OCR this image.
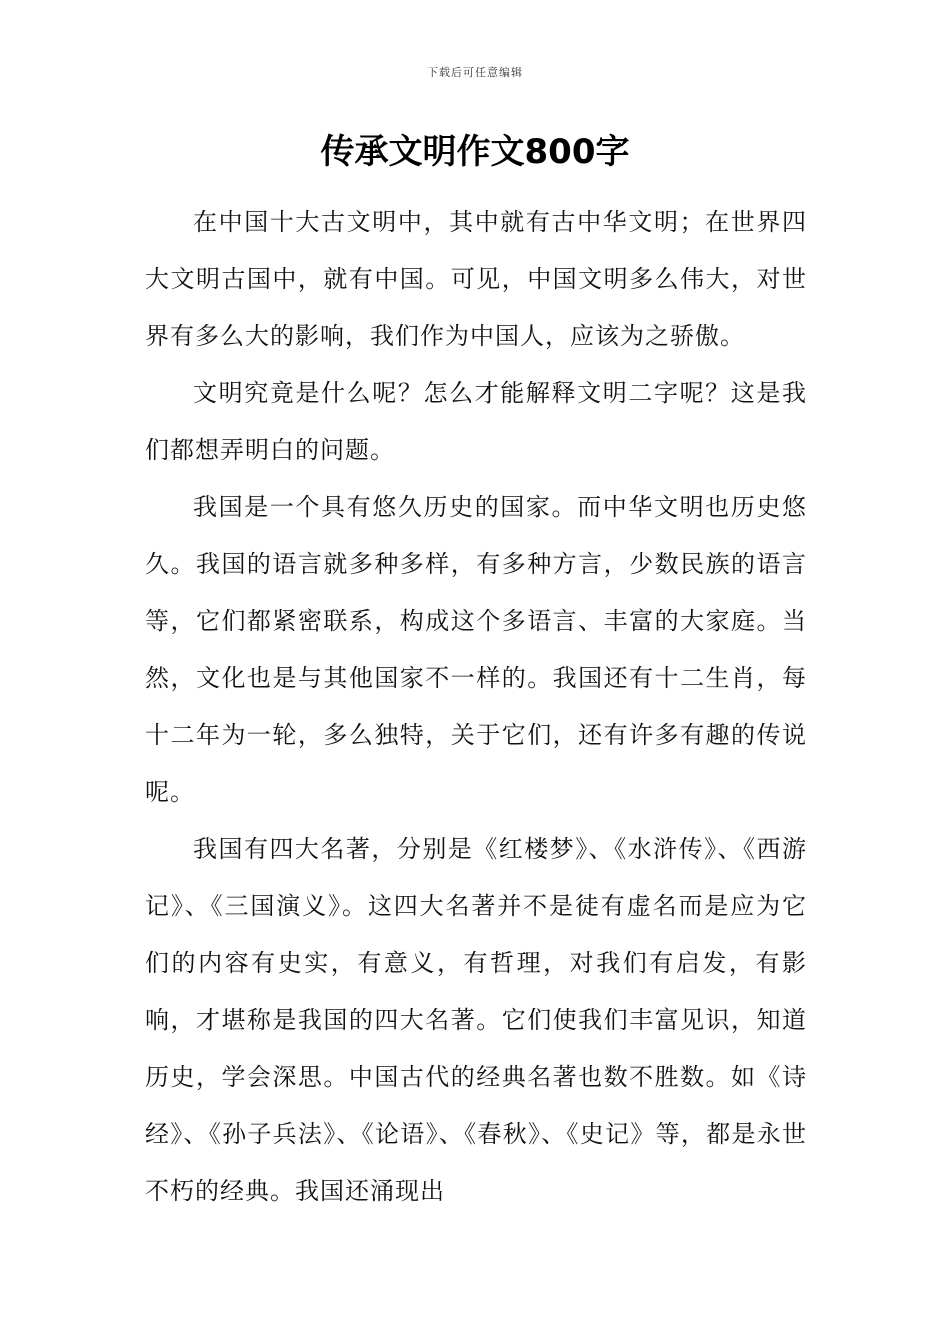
下载后可任意编辑
传承文明作文800字

在中国十大古文明中，其中就有古中华文明；在世界四大文明古国中，就有中国。可见，中国文明多么伟大，对世界有多么大的影响，我们作为中国人，应该为之骄傲。

文明究竟是什么呢？怎么才能解释文明二字呢？这是我们都想弄明白的问题。

我国是一个具有悠久历史的国家。而中华文明也历史悠久。我国的语言就多种多样，有多种方言，少数民族的语言等，它们都紧密联系，构成这个多语言、丰富的大家庭。当然，文化也是与其他国家不一样的。我国还有十二生肖，每十二年为一轮，多么独特，关于它们，还有许多有趣的传说呢。

我国有四大名著，分别是《红楼梦》、《水浒传》、《西游记》、《三国演义》。这四大名著并不是徒有虚名而是应为它们的内容有史实，有意义，有哲理，对我们有启发，有影响，才堪称是我国的四大名著。它们使我们丰富见识，知道历史，学会深思。中国古代的经典名著也数不胜数。如《诗经》、《孙子兵法》、《论语》、《春秋》、《史记》等，都是永世不朽的经典。我国还涌现出
